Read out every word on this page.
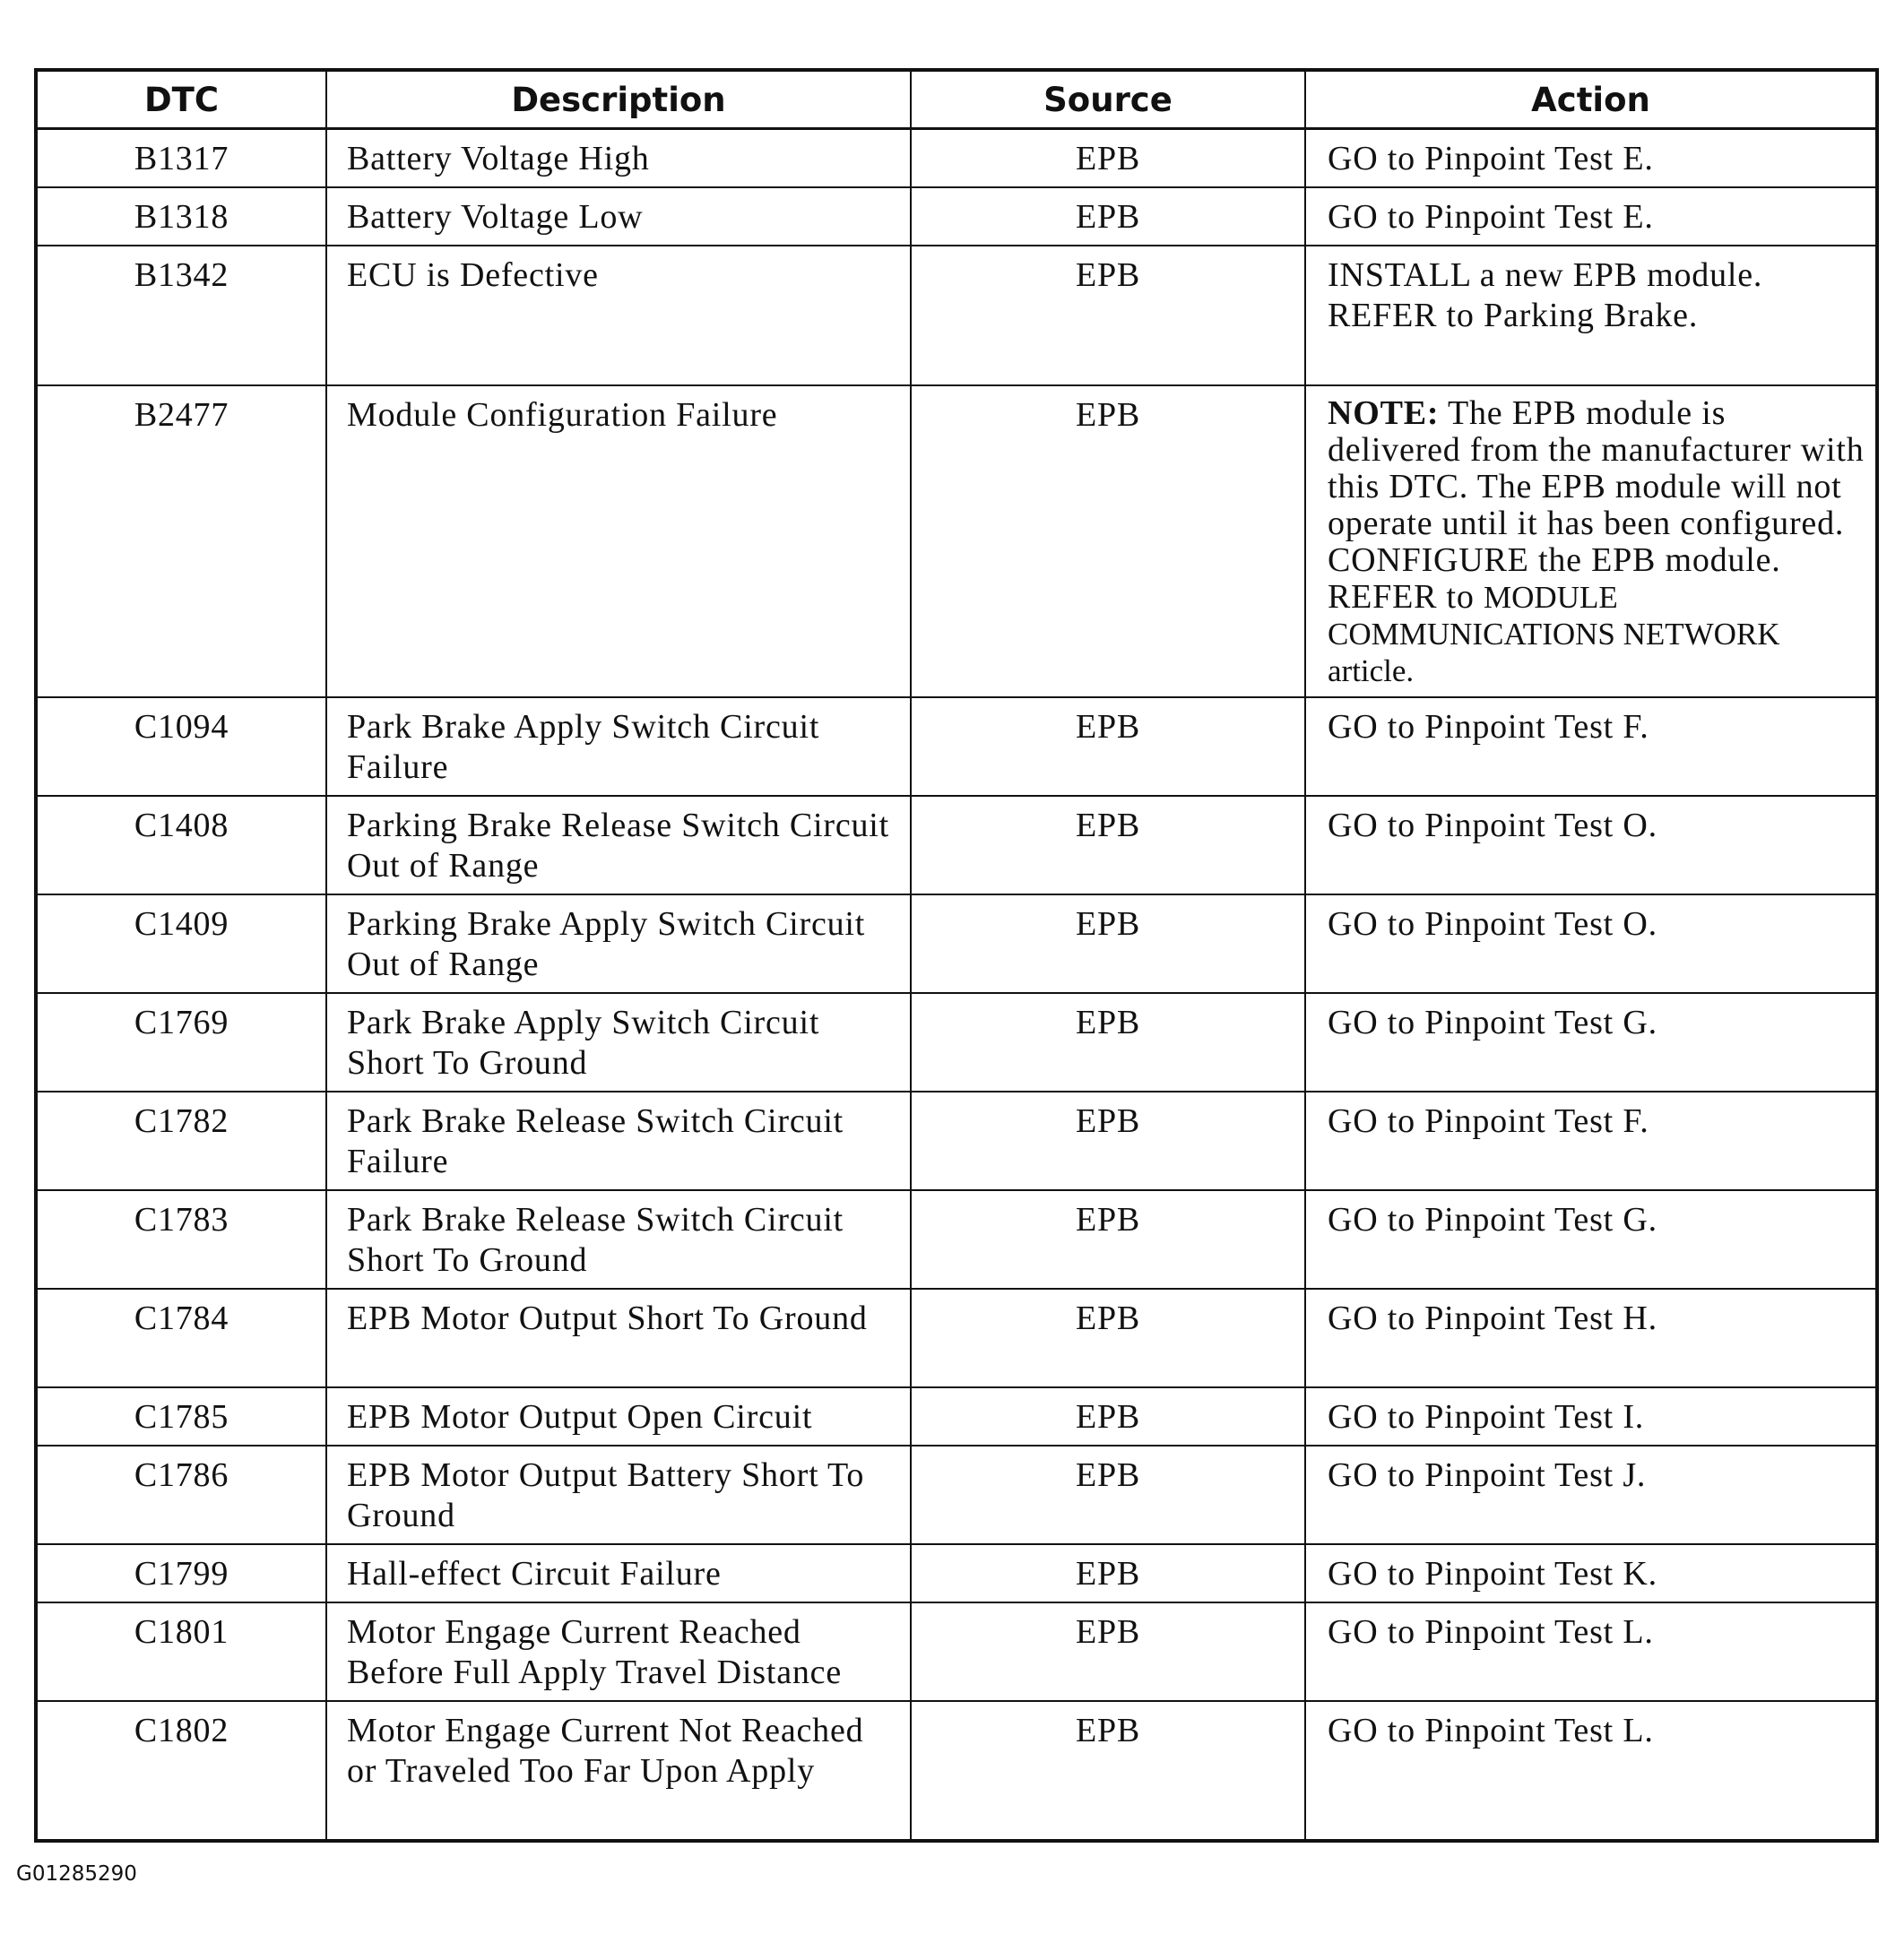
DTC	Description	Source	Action
B1317	Battery Voltage High	EPB	GO to Pinpoint Test E.
B1318	Battery Voltage Low	EPB	GO to Pinpoint Test E.
B1342	ECU is Defective	EPB	INSTALL a new EPB module. REFER to Parking Brake.
B2477	Module Configuration Failure	EPB	NOTE: The EPB module is delivered from the manufacturer with this DTC. The EPB module will not operate until it has been configured. CONFIGURE the EPB module. REFER to MODULE COMMUNICATIONS NETWORK article.
C1094	Park Brake Apply Switch Circuit Failure	EPB	GO to Pinpoint Test F.
C1408	Parking Brake Release Switch Circuit Out of Range	EPB	GO to Pinpoint Test O.
C1409	Parking Brake Apply Switch Circuit Out of Range	EPB	GO to Pinpoint Test O.
C1769	Park Brake Apply Switch Circuit Short To Ground	EPB	GO to Pinpoint Test G.
C1782	Park Brake Release Switch Circuit Failure	EPB	GO to Pinpoint Test F.
C1783	Park Brake Release Switch Circuit Short To Ground	EPB	GO to Pinpoint Test G.
C1784	EPB Motor Output Short To Ground	EPB	GO to Pinpoint Test H.
C1785	EPB Motor Output Open Circuit	EPB	GO to Pinpoint Test I.
C1786	EPB Motor Output Battery Short To Ground	EPB	GO to Pinpoint Test J.
C1799	Hall-effect Circuit Failure	EPB	GO to Pinpoint Test K.
C1801	Motor Engage Current Reached Before Full Apply Travel Distance	EPB	GO to Pinpoint Test L.
C1802	Motor Engage Current Not Reached or Traveled Too Far Upon Apply	EPB	GO to Pinpoint Test L.
G01285290
